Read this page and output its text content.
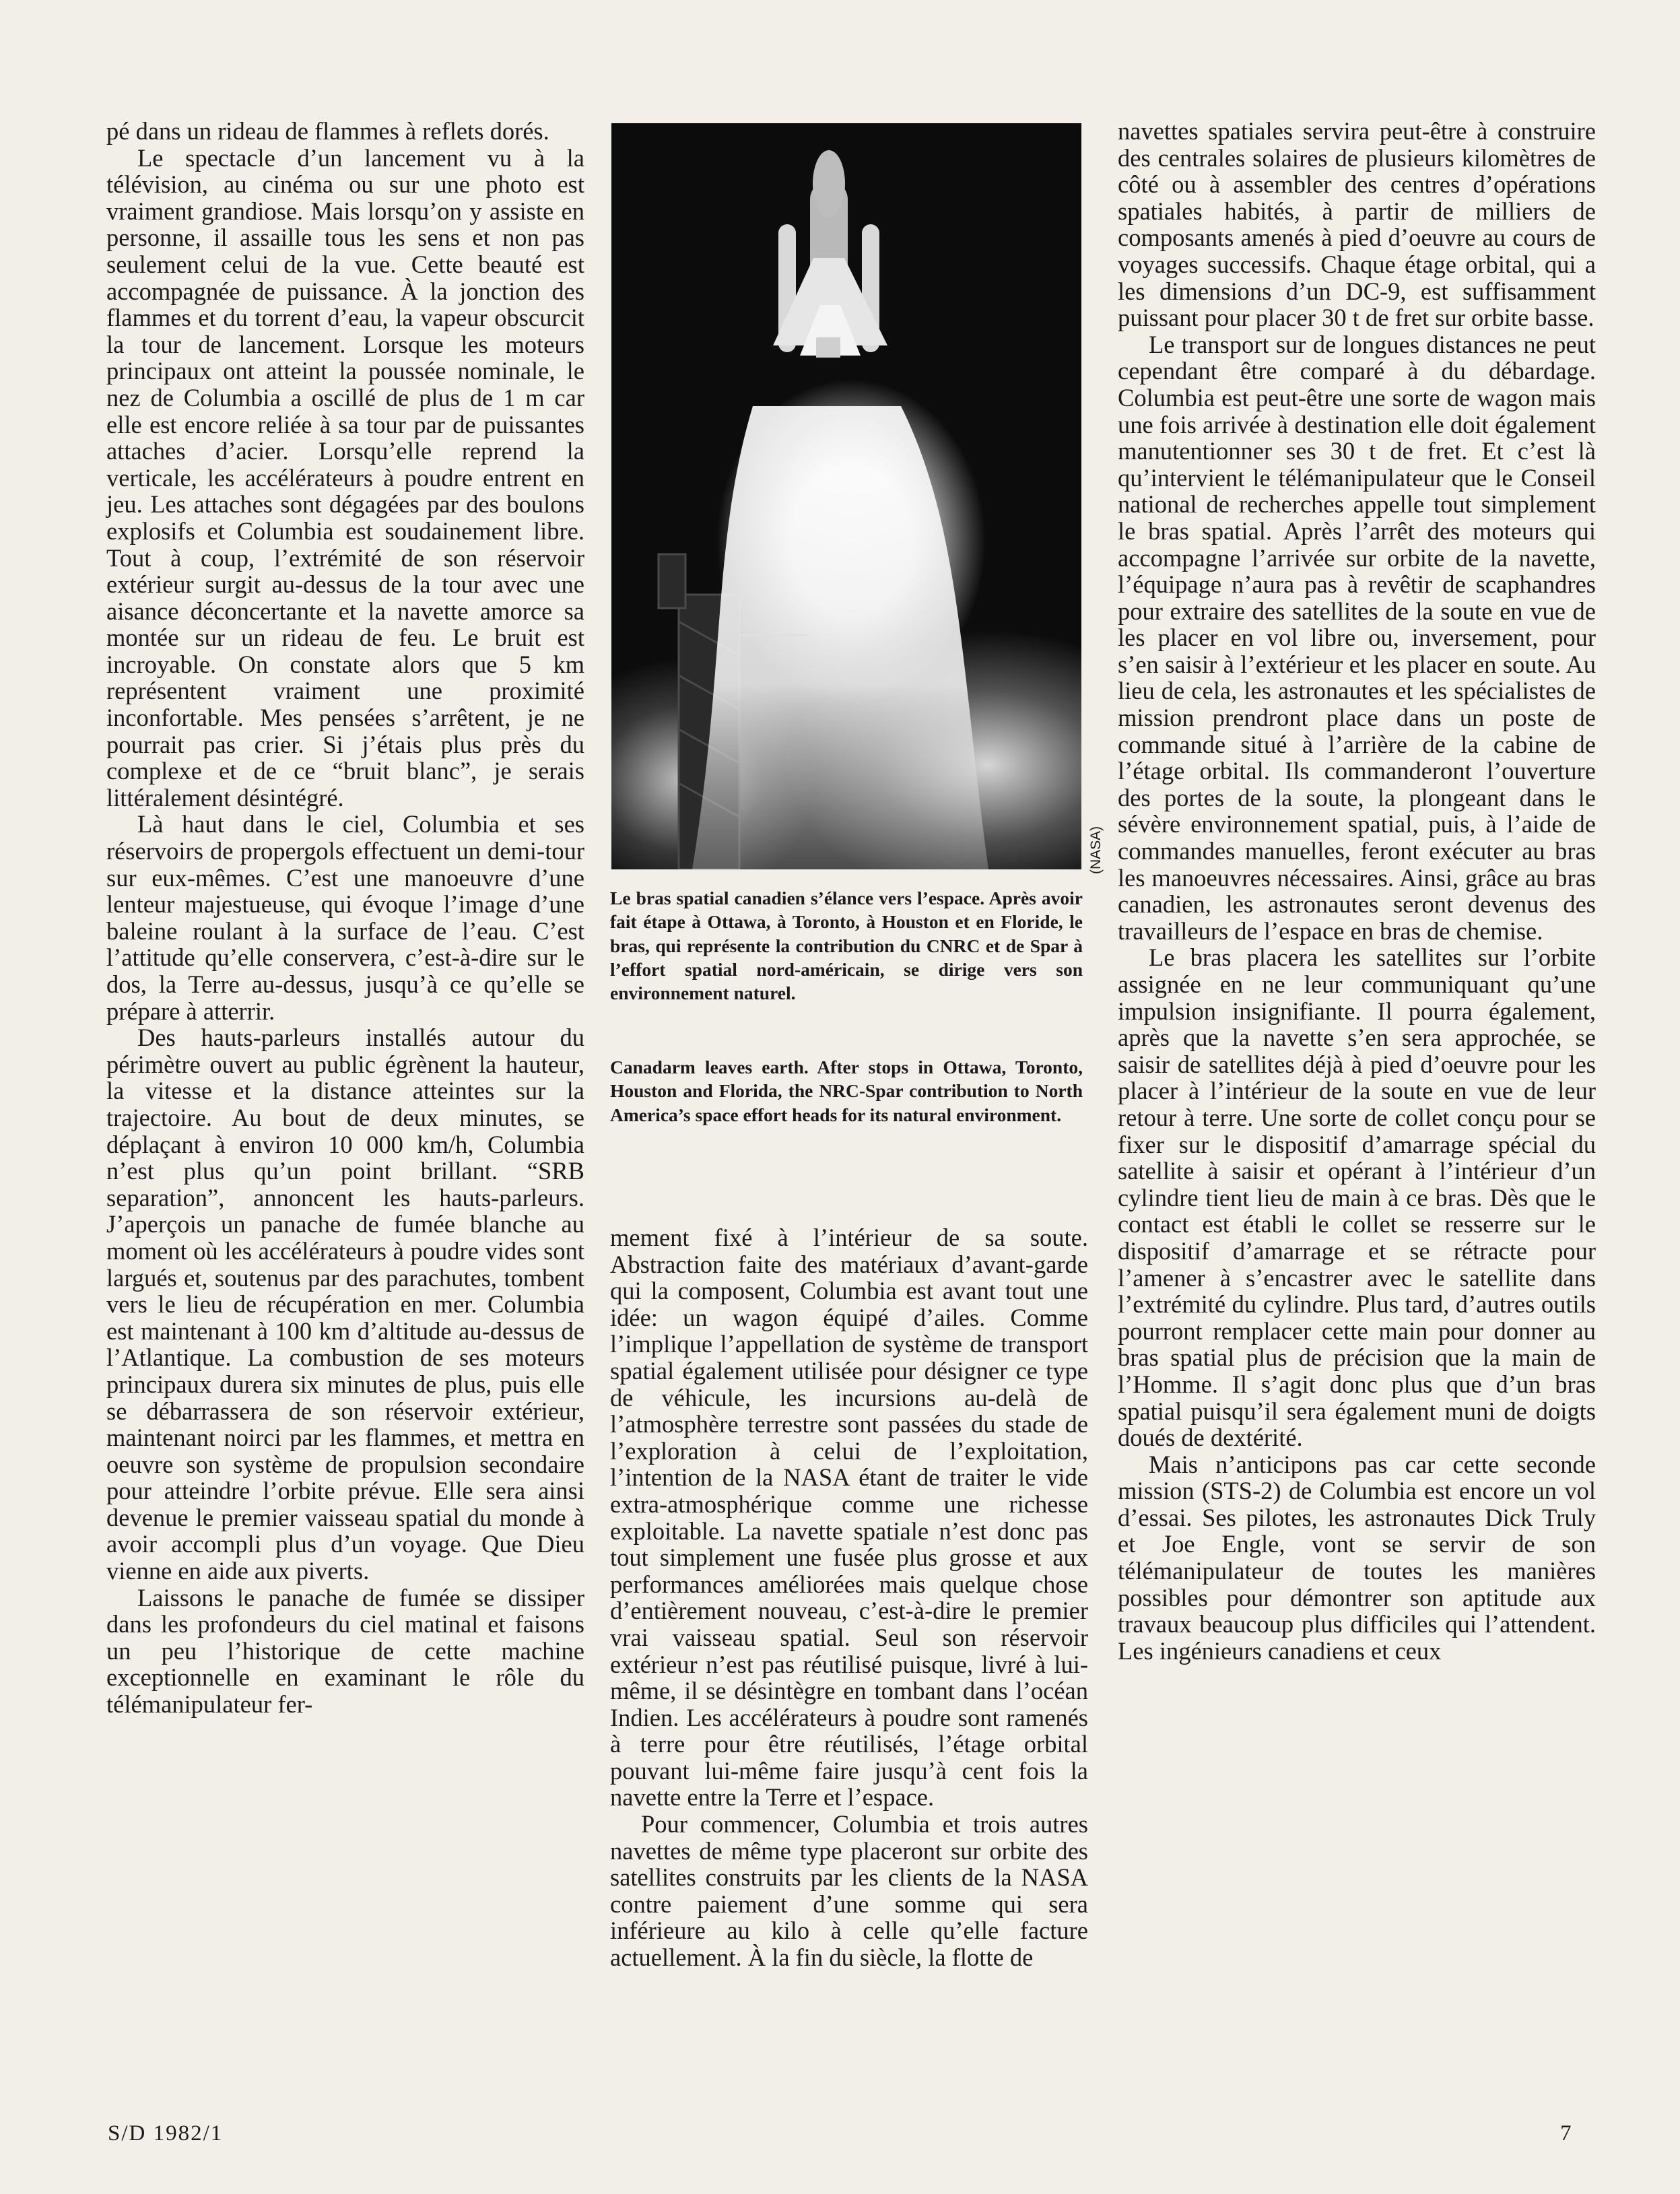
pé dans un rideau de flammes à reflets dorés.

Le spectacle d’un lancement vu à la télévision, au cinéma ou sur une photo est vraiment grandiose. Mais lorsqu’on y assiste en personne, il assaille tous les sens et non pas seulement celui de la vue. Cette beauté est accompagnée de puissance. À la jonction des flammes et du torrent d’eau, la vapeur obscurcit la tour de lancement. Lorsque les moteurs principaux ont atteint la poussée nominale, le nez de Columbia a oscillé de plus de 1 m car elle est encore reliée à sa tour par de puissantes attaches d’acier. Lorsqu’elle reprend la verticale, les accélérateurs à poudre entrent en jeu. Les attaches sont dégagées par des boulons explosifs et Columbia est soudainement libre. Tout à coup, l’extrémité de son réservoir extérieur surgit au-dessus de la tour avec une aisance déconcertante et la navette amorce sa montée sur un rideau de feu. Le bruit est incroyable. On constate alors que 5 km représentent vraiment une proximité inconfortable. Mes pensées s’arrêtent, je ne pourrait pas crier. Si j’étais plus près du complexe et de ce “bruit blanc”, je serais littéralement désintégré.

Là haut dans le ciel, Columbia et ses réservoirs de propergols effectuent un demi-tour sur eux-mêmes. C’est une manoeuvre d’une lenteur majestueuse, qui évoque l’image d’une baleine roulant à la surface de l’eau. C’est l’attitude qu’elle conservera, c’est-à-dire sur le dos, la Terre au-dessus, jusqu’à ce qu’elle se prépare à atterrir.

Des hauts-parleurs installés autour du périmètre ouvert au public égrènent la hauteur, la vitesse et la distance atteintes sur la trajectoire. Au bout de deux minutes, se déplaçant à environ 10 000 km/h, Columbia n’est plus qu’un point brillant. “SRB separation”, annoncent les hauts-parleurs. J’aperçois un panache de fumée blanche au moment où les accélérateurs à poudre vides sont largués et, soutenus par des parachutes, tombent vers le lieu de récupération en mer. Columbia est maintenant à 100 km d’altitude au-dessus de l’Atlantique. La combustion de ses moteurs principaux durera six minutes de plus, puis elle se débarrassera de son réservoir extérieur, maintenant noirci par les flammes, et mettra en oeuvre son système de propulsion secondaire pour atteindre l’orbite prévue. Elle sera ainsi devenue le premier vaisseau spatial du monde à avoir accompli plus d’un voyage. Que Dieu vienne en aide aux piverts.

Laissons le panache de fumée se dissiper dans les profondeurs du ciel matinal et faisons un peu l’historique de cette machine exceptionnelle en examinant le rôle du télémanipulateur fer-

(NASA)
Le bras spatial canadien s’élance vers l’espace. Après avoir fait étape à Ottawa, à Toronto, à Houston et en Floride, le bras, qui représente la contribution du CNRC et de Spar à l’effort spatial nord-américain, se dirige vers son environnement naturel.
Canadarm leaves earth. After stops in Ottawa, Toronto, Houston and Florida, the NRC-Spar contribution to North America’s space effort heads for its natural environment.

mement fixé à l’intérieur de sa soute. Abstraction faite des matériaux d’avant-garde qui la composent, Columbia est avant tout une idée: un wagon équipé d’ailes. Comme l’implique l’appellation de système de transport spatial également utilisée pour désigner ce type de véhicule, les incursions au-delà de l’atmosphère terrestre sont passées du stade de l’exploration à celui de l’exploitation, l’intention de la NASA étant de traiter le vide extra-atmosphérique comme une richesse exploitable. La navette spatiale n’est donc pas tout simplement une fusée plus grosse et aux performances améliorées mais quelque chose d’entièrement nouveau, c’est-à-dire le premier vrai vaisseau spatial. Seul son réservoir extérieur n’est pas réutilisé puisque, livré à lui-même, il se désintègre en tombant dans l’océan Indien. Les accélérateurs à poudre sont ramenés à terre pour être réutilisés, l’étage orbital pouvant lui-même faire jusqu’à cent fois la navette entre la Terre et l’espace.

Pour commencer, Columbia et trois autres navettes de même type placeront sur orbite des satellites construits par les clients de la NASA contre paiement d’une somme qui sera inférieure au kilo à celle qu’elle facture actuellement. À la fin du siècle, la flotte de

navettes spatiales servira peut-être à construire des centrales solaires de plusieurs kilomètres de côté ou à assembler des centres d’opérations spatiales habités, à partir de milliers de composants amenés à pied d’oeuvre au cours de voyages successifs. Chaque étage orbital, qui a les dimensions d’un DC-9, est suffisamment puissant pour placer 30 t de fret sur orbite basse.

Le transport sur de longues distances ne peut cependant être comparé à du débardage. Columbia est peut-être une sorte de wagon mais une fois arrivée à destination elle doit également manutentionner ses 30 t de fret. Et c’est là qu’intervient le télémanipulateur que le Conseil national de recherches appelle tout simplement le bras spatial. Après l’arrêt des moteurs qui accompagne l’arrivée sur orbite de la navette, l’équipage n’aura pas à revêtir de scaphandres pour extraire des satellites de la soute en vue de les placer en vol libre ou, inversement, pour s’en saisir à l’extérieur et les placer en soute. Au lieu de cela, les astronautes et les spécialistes de mission prendront place dans un poste de commande situé à l’arrière de la cabine de l’étage orbital. Ils commanderont l’ouverture des portes de la soute, la plongeant dans le sévère environnement spatial, puis, à l’aide de commandes manuelles, feront exécuter au bras les manoeuvres nécessaires. Ainsi, grâce au bras canadien, les astronautes seront devenus des travailleurs de l’espace en bras de chemise.

Le bras placera les satellites sur l’orbite assignée en ne leur communiquant qu’une impulsion insignifiante. Il pourra également, après que la navette s’en sera approchée, se saisir de satellites déjà à pied d’oeuvre pour les placer à l’intérieur de la soute en vue de leur retour à terre. Une sorte de collet conçu pour se fixer sur le dispositif d’amarrage spécial du satellite à saisir et opérant à l’intérieur d’un cylindre tient lieu de main à ce bras. Dès que le contact est établi le collet se resserre sur le dispositif d’amarrage et se rétracte pour l’amener à s’encastrer avec le satellite dans l’extrémité du cylindre. Plus tard, d’autres outils pourront remplacer cette main pour donner au bras spatial plus de précision que la main de l’Homme. Il s’agit donc plus que d’un bras spatial puisqu’il sera également muni de doigts doués de dextérité.

Mais n’anticipons pas car cette seconde mission (STS-2) de Columbia est encore un vol d’essai. Ses pilotes, les astronautes Dick Truly et Joe Engle, vont se servir de son télémanipulateur de toutes les manières possibles pour démontrer son aptitude aux travaux beaucoup plus difficiles qui l’attendent. Les ingénieurs canadiens et ceux

S/D 1982/1	7
